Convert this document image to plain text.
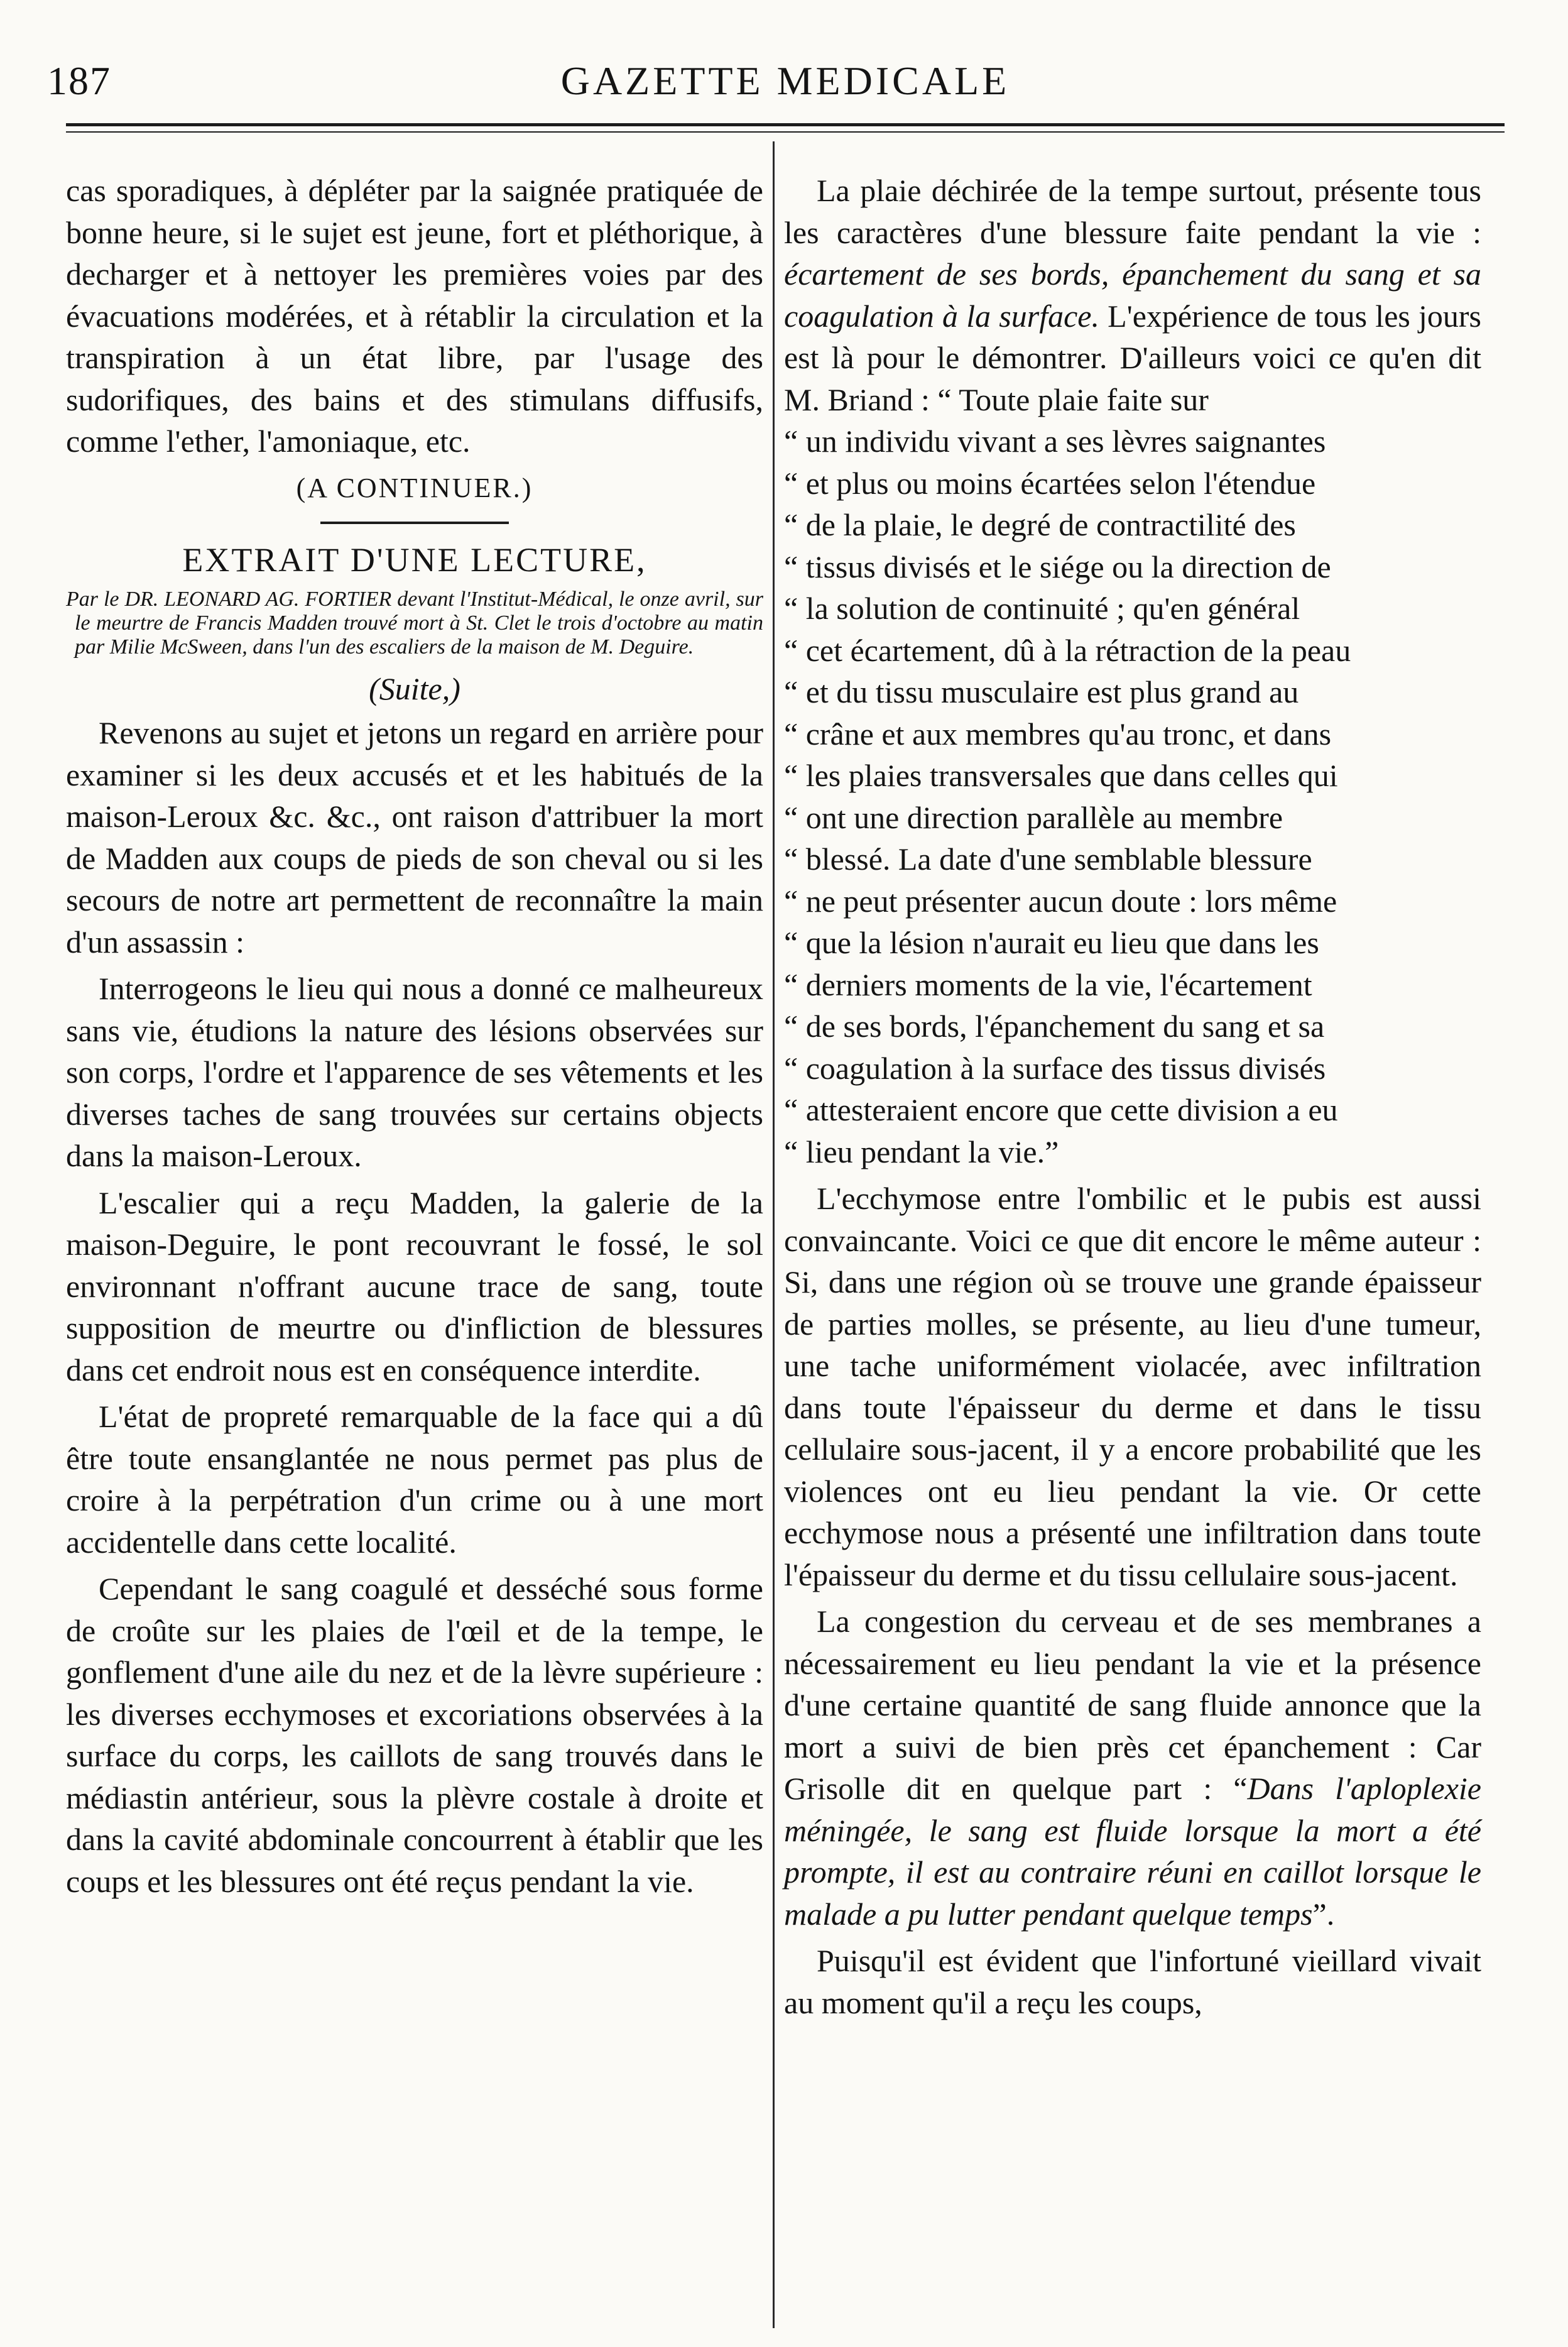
187	GAZETTE MEDICALE

cas sporadiques, à dépléter par la saignée pratiquée de bonne heure, si le sujet est jeune, fort et pléthorique, à decharger et à nettoyer les premières voies par des évacuations modérées, et à rétablir la circulation et la transpiration à un état libre, par l'usage des sudorifiques, des bains et des stimulans diffusifs, comme l'ether, l'amoniaque, etc.

(A CONTINUER.)
EXTRAIT D'UNE LECTURE,
Par le DR. LEONARD AG. FORTIER devant l'Institut-Médical, le onze avril, sur le meurtre de Francis Madden trouvé mort à St. Clet le trois d'octobre au matin par Milie McSween, dans l'un des escaliers de la maison de M. Deguire.
(Suite,)

Revenons au sujet et jetons un regard en arrière pour examiner si les deux accusés et et les habitués de la maison-Leroux &c. &c., ont raison d'attribuer la mort de Madden aux coups de pieds de son cheval ou si les secours de notre art permettent de reconnaître la main d'un assassin :

Interrogeons le lieu qui nous a donné ce malheureux sans vie, étudions la nature des lésions observées sur son corps, l'ordre et l'apparence de ses vêtements et les diverses taches de sang trouvées sur certains objects dans la maison-Leroux.

L'escalier qui a reçu Madden, la galerie de la maison-Deguire, le pont recouvrant le fossé, le sol environnant n'offrant aucune trace de sang, toute supposition de meurtre ou d'infliction de blessures dans cet endroit nous est en conséquence interdite.

L'état de propreté remarquable de la face qui a dû être toute ensanglantée ne nous permet pas plus de croire à la perpétration d'un crime ou à une mort accidentelle dans cette localité.

Cependant le sang coagulé et desséché sous forme de croûte sur les plaies de l'œil et de la tempe, le gonflement d'une aile du nez et de la lèvre supérieure : les diverses ecchymoses et excoriations observées à la surface du corps, les caillots de sang trouvés dans le médiastin antérieur, sous la plèvre costale à droite et dans la cavité abdominale concourrent à établir que les coups et les blessures ont été reçus pendant la vie.

La plaie déchirée de la tempe surtout, présente tous les caractères d'une blessure faite pendant la vie : écartement de ses bords, épanchement du sang et sa coagulation à la surface. L'expérience de tous les jours est là pour le démontrer. D'ailleurs voici ce qu'en dit M. Briand : “ Toute plaie faite sur

“ un individu vivant a ses lèvres saignantes
“ et plus ou moins écartées selon l'étendue
“ de la plaie, le degré de contractilité des
“ tissus divisés et le siége ou la direction de
“ la solution de continuité ; qu'en général
“ cet écartement, dû à la rétraction de la peau
“ et du tissu musculaire est plus grand au
“ crâne et aux membres qu'au tronc, et dans
“ les plaies transversales que dans celles qui
“ ont une direction parallèle au membre
“ blessé. La date d'une semblable blessure
“ ne peut présenter aucun doute : lors même
“ que la lésion n'aurait eu lieu que dans les
“ derniers moments de la vie, l'écartement
“ de ses bords, l'épanchement du sang et sa
“ coagulation à la surface des tissus divisés
“ attesteraient encore que cette division a eu
“ lieu pendant la vie.”

L'ecchymose entre l'ombilic et le pubis est aussi convaincante. Voici ce que dit encore le même auteur : Si, dans une région où se trouve une grande épaisseur de parties molles, se présente, au lieu d'une tumeur, une tache uniformément violacée, avec infiltration dans toute l'épaisseur du derme et dans le tissu cellulaire sous-jacent, il y a encore probabilité que les violences ont eu lieu pendant la vie. Or cette ecchymose nous a présenté une infiltration dans toute l'épaisseur du derme et du tissu cellulaire sous-jacent.

La congestion du cerveau et de ses membranes a nécessairement eu lieu pendant la vie et la présence d'une certaine quantité de sang fluide annonce que la mort a suivi de bien près cet épanchement : Car Grisolle dit en quelque part : “Dans l'aploplexie méningée, le sang est fluide lorsque la mort a été prompte, il est au contraire réuni en caillot lorsque le malade a pu lutter pendant quelque temps”.

Puisqu'il est évident que l'infortuné vieillard vivait au moment qu'il a reçu les coups,
